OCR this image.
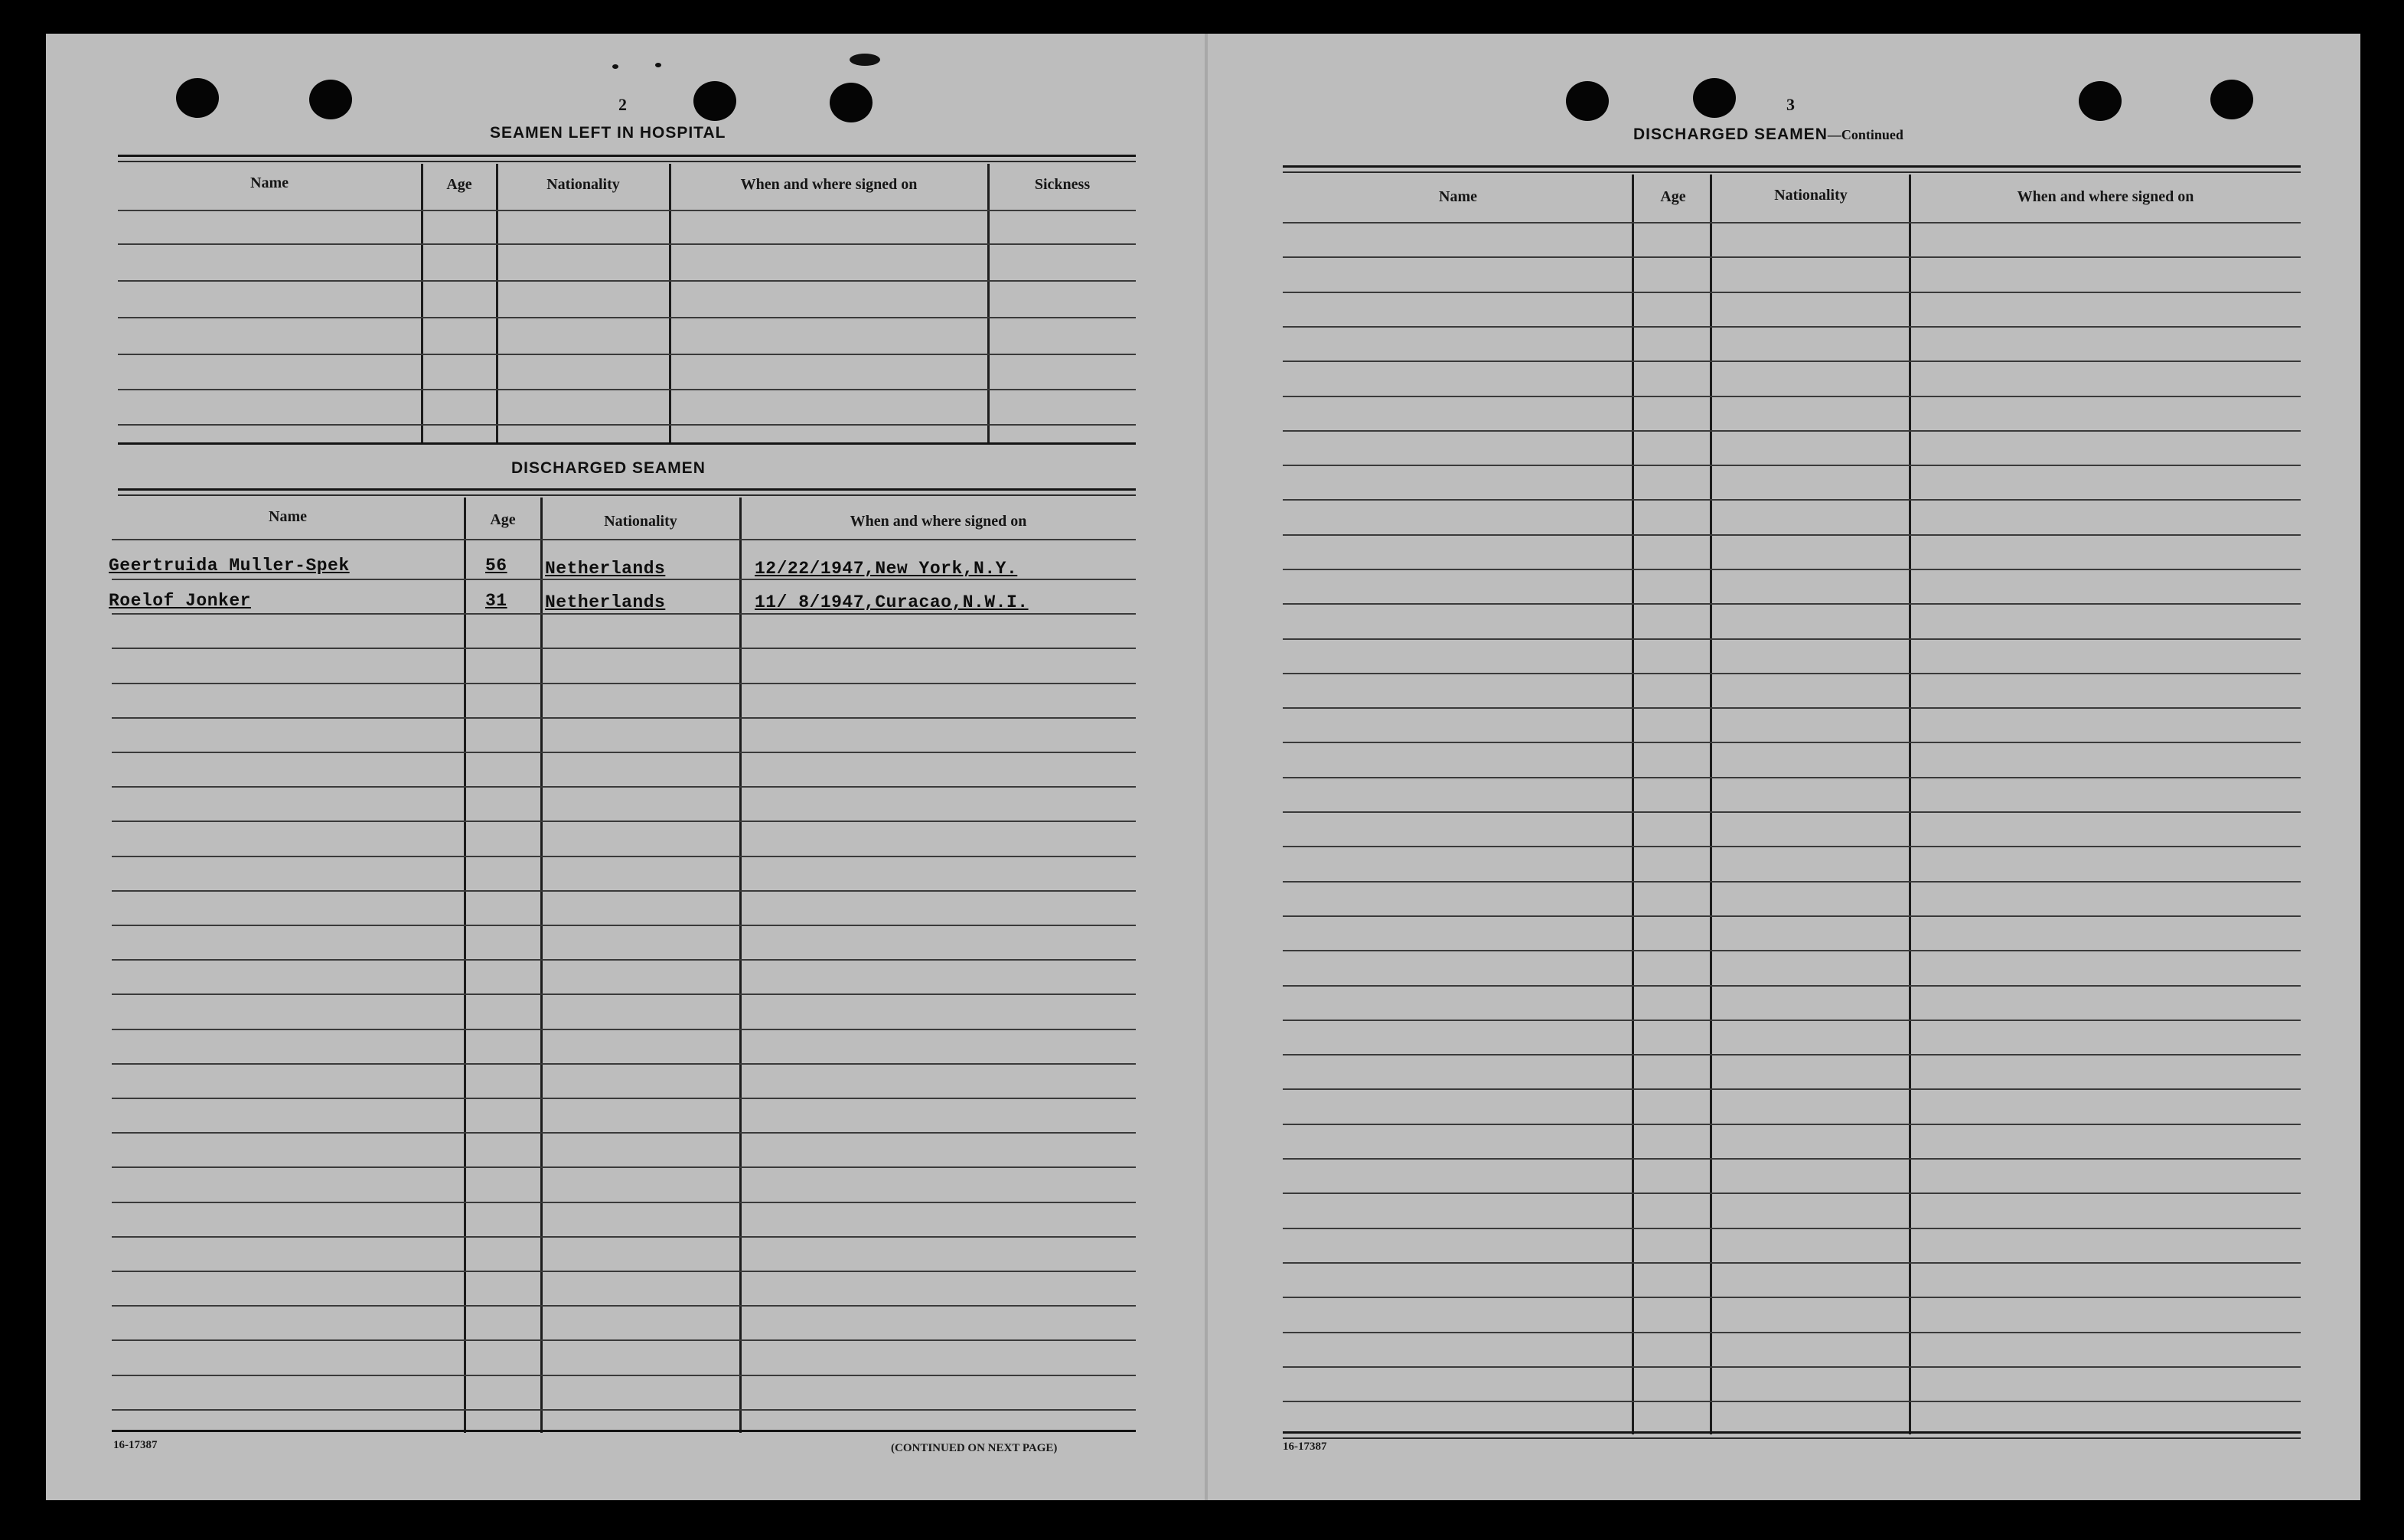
2
SEAMEN LEFT IN HOSPITAL
Name	Age	Nationality	When and where signed on	Sickness
DISCHARGED SEAMEN
Name	Age	Nationality	When and where signed on
Geertruida Muller-Spek	56 Netherlands	12/22/1947,New York,N.Y.
Roelof Jonker	31 Netherlands	11/ 8/1947,Curacao,N.W.I.
16-17387	(CONTINUED ON NEXT PAGE)
3
DISCHARGED SEAMEN—Continued
Name	Age	Nationality	When and where signed on
16-17387
